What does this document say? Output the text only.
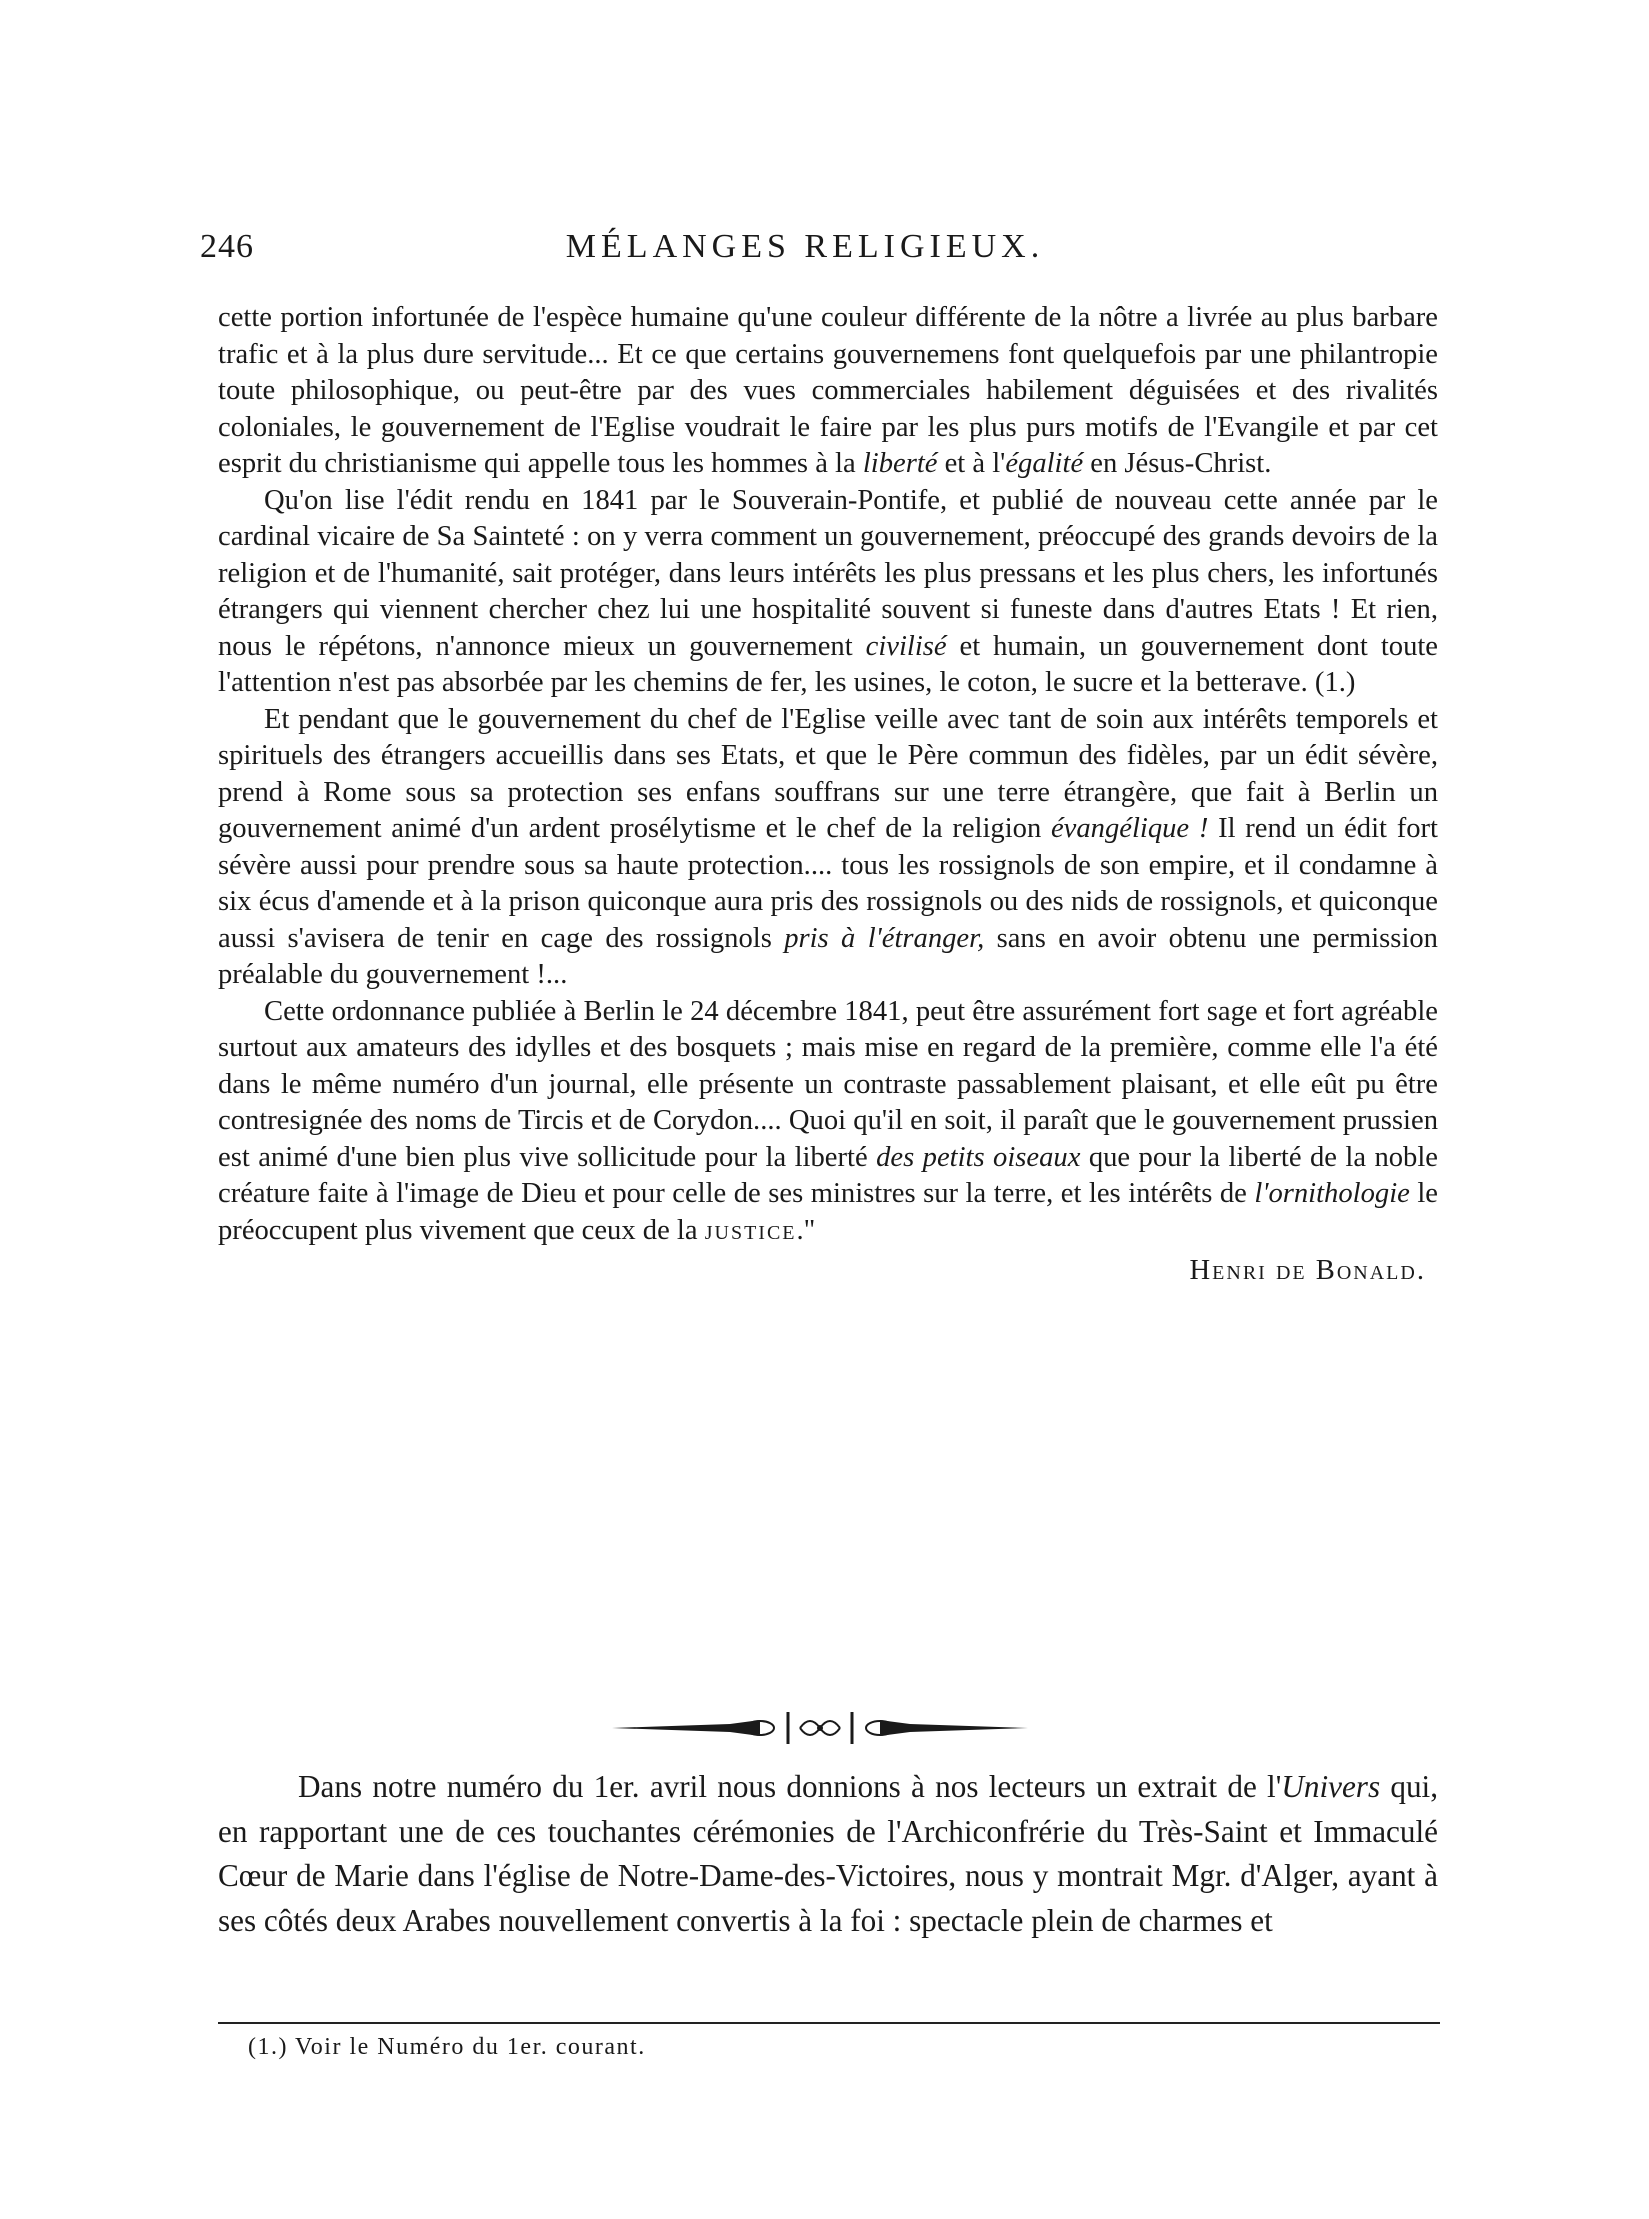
246	MÉLANGES RELIGIEUX.

cette portion infortunée de l'espèce humaine qu'une couleur différente de la nôtre a livrée au plus barbare trafic et à la plus dure servitude... Et ce que certains gouvernemens font quelquefois par une philantropie toute philosophique, ou peut-être par des vues commerciales habilement déguisées et des rivalités coloniales, le gouvernement de l'Eglise voudrait le faire par les plus purs motifs de l'Evangile et par cet esprit du christianisme qui appelle tous les hommes à la liberté et à l'égalité en Jésus-Christ.

Qu'on lise l'édit rendu en 1841 par le Souverain-Pontife, et publié de nouveau cette année par le cardinal vicaire de Sa Sainteté : on y verra comment un gouvernement, préoccupé des grands devoirs de la religion et de l'humanité, sait protéger, dans leurs intérêts les plus pressans et les plus chers, les infortunés étrangers qui viennent chercher chez lui une hospitalité souvent si funeste dans d'autres Etats ! Et rien, nous le répétons, n'annonce mieux un gouvernement civilisé et humain, un gouvernement dont toute l'attention n'est pas absorbée par les chemins de fer, les usines, le coton, le sucre et la betterave. (1.)

Et pendant que le gouvernement du chef de l'Eglise veille avec tant de soin aux intérêts temporels et spirituels des étrangers accueillis dans ses Etats, et que le Père commun des fidèles, par un édit sévère, prend à Rome sous sa protection ses enfans souffrans sur une terre étrangère, que fait à Berlin un gouvernement animé d'un ardent prosélytisme et le chef de la religion évangélique ! Il rend un édit fort sévère aussi pour prendre sous sa haute protection.... tous les rossignols de son empire, et il condamne à six écus d'amende et à la prison quiconque aura pris des rossignols ou des nids de rossignols, et quiconque aussi s'avisera de tenir en cage des rossignols pris à l'étranger, sans en avoir obtenu une permission préalable du gouvernement !...

Cette ordonnance publiée à Berlin le 24 décembre 1841, peut être assurément fort sage et fort agréable surtout aux amateurs des idylles et des bosquets ; mais mise en regard de la première, comme elle l'a été dans le même numéro d'un journal, elle présente un contraste passablement plaisant, et elle eût pu être contresignée des noms de Tircis et de Corydon.... Quoi qu'il en soit, il paraît que le gouvernement prussien est animé d'une bien plus vive sollicitude pour la liberté des petits oiseaux que pour la liberté de la noble créature faite à l'image de Dieu et pour celle de ses ministres sur la terre, et les intérêts de l'ornithologie le préoccupent plus vivement que ceux de la justice."

Henri de Bonald.

Dans notre numéro du 1er. avril nous donnions à nos lecteurs un extrait de l'Univers qui, en rapportant une de ces touchantes cérémonies de l'Archiconfrérie du Très-Saint et Immaculé Cœur de Marie dans l'église de Notre-Dame-des-Victoires, nous y montrait Mgr. d'Alger, ayant à ses côtés deux Arabes nouvellement convertis à la foi : spectacle plein de charmes et

(1.) Voir le Numéro du 1er. courant.
